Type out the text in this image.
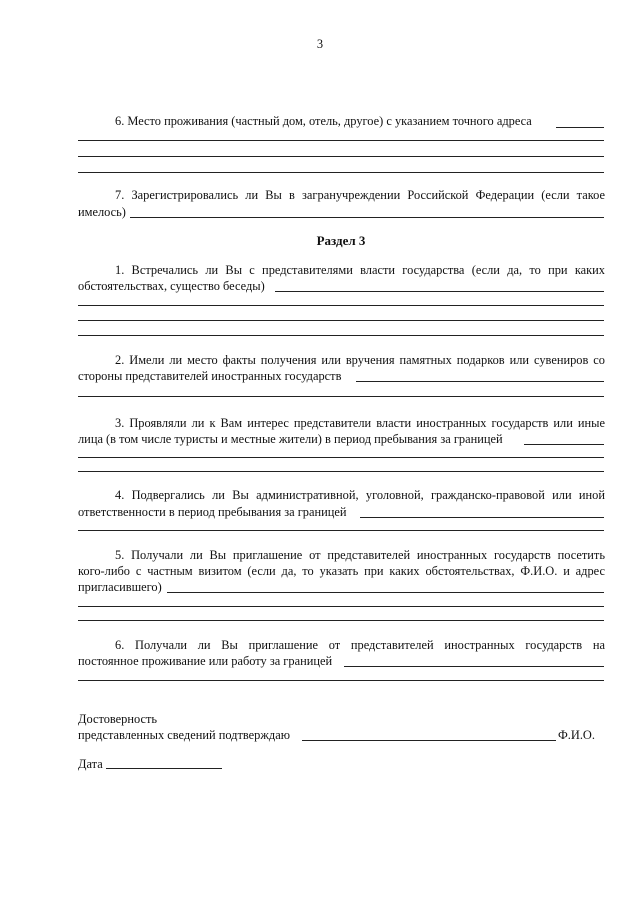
3
6. Место проживания (частный дом, отель, другое) с указанием точного адреса
7. Зарегистрировались ли Вы в загранучреждении Российской Федерации (если такое
имелось)
Раздел 3
1. Встречались ли Вы с представителями власти государства (если да, то при каких
обстоятельствах, существо беседы)
2. Имели ли место факты получения или вручения памятных подарков или сувениров со
стороны представителей иностранных государств
3. Проявляли ли к Вам интерес представители власти иностранных государств или иные
лица (в том числе туристы и местные жители) в период пребывания за границей
4. Подвергались ли Вы административной, уголовной, гражданско-правовой или иной
ответственности в период пребывания за границей
5. Получали ли Вы приглашение от представителей иностранных государств посетить
кого-либо с частным визитом (если да, то указать при каких обстоятельствах, Ф.И.О. и адрес
пригласившего)
6. Получали ли Вы приглашение от представителей иностранных государств на
постоянное проживание или работу за границей
Достоверность
представленных сведений подтверждаю	Ф.И.О.
Дата
